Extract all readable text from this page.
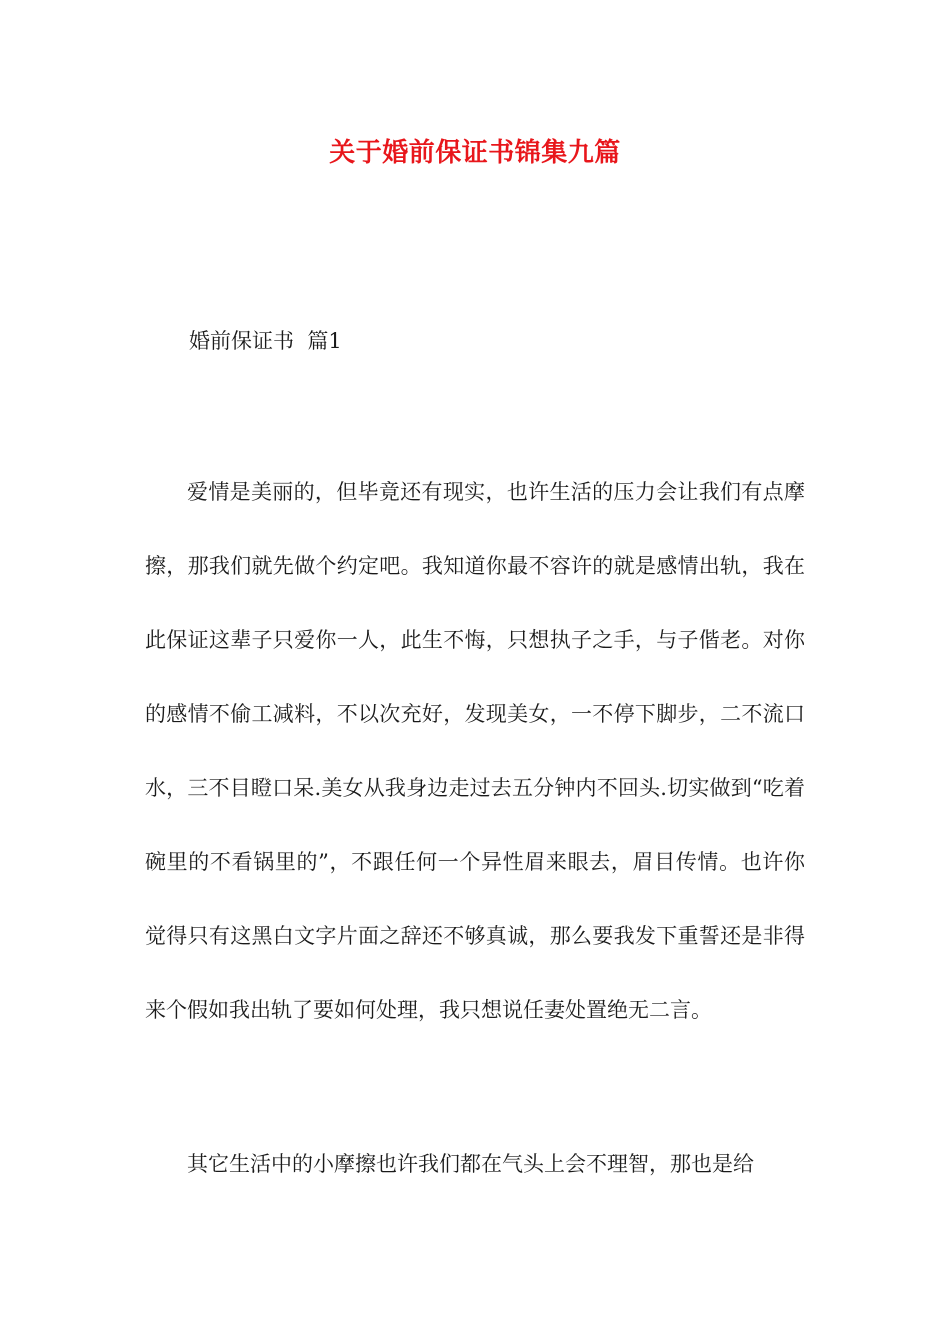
关于婚前保证书锦集九篇
婚前保证书  篇1

爱情是美丽的，但毕竟还有现实，也许生活的压力会让我们有点摩擦，那我们就先做个约定吧。我知道你最不容许的就是感情出轨，我在此保证这辈子只爱你一人，此生不悔，只想执子之手，与子偕老。对你的感情不偷工减料，不以次充好，发现美女，一不停下脚步，二不流口水，三不目瞪口呆.美女从我身边走过去五分钟内不回头.切实做到“吃着碗里的不看锅里的”，不跟任何一个异性眉来眼去，眉目传情。也许你觉得只有这黑白文字片面之辞还不够真诚，那么要我发下重誓还是非得来个假如我出轨了要如何处理，我只想说任妻处置绝无二言。

其它生活中的小摩擦也许我们都在气头上会不理智，那也是给
